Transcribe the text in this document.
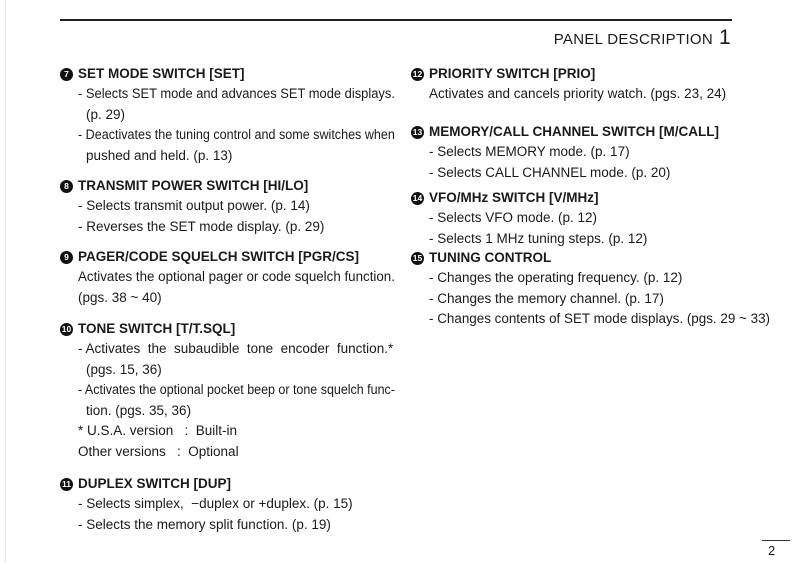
PANEL DESCRIPTION 1
7 SET MODE SWITCH [SET]
- Selects SET mode and advances SET mode displays.
(p. 29)
- Deactivates the tuning control and some switches when
pushed and held. (p. 13)
8 TRANSMIT POWER SWITCH [HI/LO]
- Selects transmit output power. (p. 14)
- Reverses the SET mode display. (p. 29)
9 PAGER/CODE SQUELCH SWITCH [PGR/CS]
Activates the optional pager or code squelch function.
(pgs. 38 ~ 40)
10 TONE SWITCH [T/T.SQL]
- Activates  the  subaudible  tone  encoder  function.*
(pgs. 15, 36)
- Activates the optional pocket beep or tone squelch func-
tion. (pgs. 35, 36)
* U.S.A. version   :  Built-in
Other versions   :  Optional
11 DUPLEX SWITCH [DUP]
- Selects simplex,  −duplex or +duplex. (p. 15)
- Selects the memory split function. (p. 19)
12 PRIORITY SWITCH [PRIO]
Activates and cancels priority watch. (pgs. 23, 24)
13 MEMORY/CALL CHANNEL SWITCH [M/CALL]
- Selects MEMORY mode. (p. 17)
- Selects CALL CHANNEL mode. (p. 20)
14 VFO/MHz SWITCH [V/MHz]
- Selects VFO mode. (p. 12)
- Selects 1 MHz tuning steps. (p. 12)
15 TUNING CONTROL
- Changes the operating frequency. (p. 12)
- Changes the memory channel. (p. 17)
- Changes contents of SET mode displays. (pgs. 29 ~ 33)
2
